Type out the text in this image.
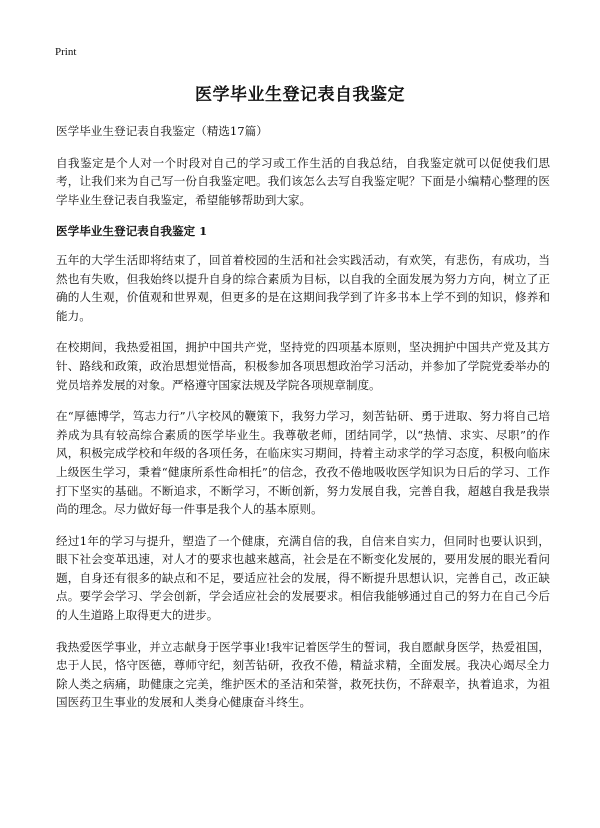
Print
医学毕业生登记表自我鉴定

医学毕业生登记表自我鉴定（精选17篇）

自我鉴定是个人对一个时段对自己的学习或工作生活的自我总结，自我鉴定就可以促使我们思考，让我们来为自己写一份自我鉴定吧。我们该怎么去写自我鉴定呢？下面是小编精心整理的医学毕业生登记表自我鉴定，希望能够帮助到大家。

医学毕业生登记表自我鉴定 1

五年的大学生活即将结束了，回首着校园的生活和社会实践活动，有欢笑，有悲伤，有成功，当然也有失败，但我始终以提升自身的综合素质为目标，以自我的全面发展为努力方向，树立了正确的人生观，价值观和世界观，但更多的是在这期间我学到了许多书本上学不到的知识，修养和能力。

在校期间，我热爱祖国，拥护中国共产党，坚持党的四项基本原则，坚决拥护中国共产党及其方针、路线和政策，政治思想觉悟高，积极参加各项思想政治学习活动，并参加了学院党委举办的党员培养发展的对象。严格遵守国家法规及学院各项规章制度。

在“厚德博学，笃志力行”八字校风的鞭策下，我努力学习，刻苦钻研、勇于进取、努力将自己培养成为具有较高综合素质的医学毕业生。我尊敬老师，团结同学，以“热情、求实、尽职”的作风，积极完成学校和年级的各项任务，在临床实习期间，持着主动求学的学习态度，积极向临床上级医生学习，秉着“健康所系性命相托”的信念，孜孜不倦地吸收医学知识为日后的学习、工作打下坚实的基础。不断追求，不断学习，不断创新，努力发展自我，完善自我，超越自我是我崇尚的理念。尽力做好每一件事是我个人的基本原则。

经过1年的学习与提升，塑造了一个健康，充满自信的我，自信来自实力，但同时也要认识到，眼下社会变革迅速，对人才的要求也越来越高，社会是在不断变化发展的，要用发展的眼光看问题，自身还有很多的缺点和不足，要适应社会的发展，得不断提升思想认识，完善自己，改正缺点。要学会学习、学会创新，学会适应社会的发展要求。相信我能够通过自己的努力在自己今后的人生道路上取得更大的进步。

我热爱医学事业，并立志献身于医学事业!我牢记着医学生的誓词，我自愿献身医学，热爱祖国，忠于人民，恪守医德，尊师守纪，刻苦钻研，孜孜不倦，精益求精，全面发展。我决心竭尽全力除人类之病痛，助健康之完美，维护医术的圣洁和荣誉，救死扶伤，不辞艰辛，执着追求，为祖国医药卫生事业的发展和人类身心健康奋斗终生。
